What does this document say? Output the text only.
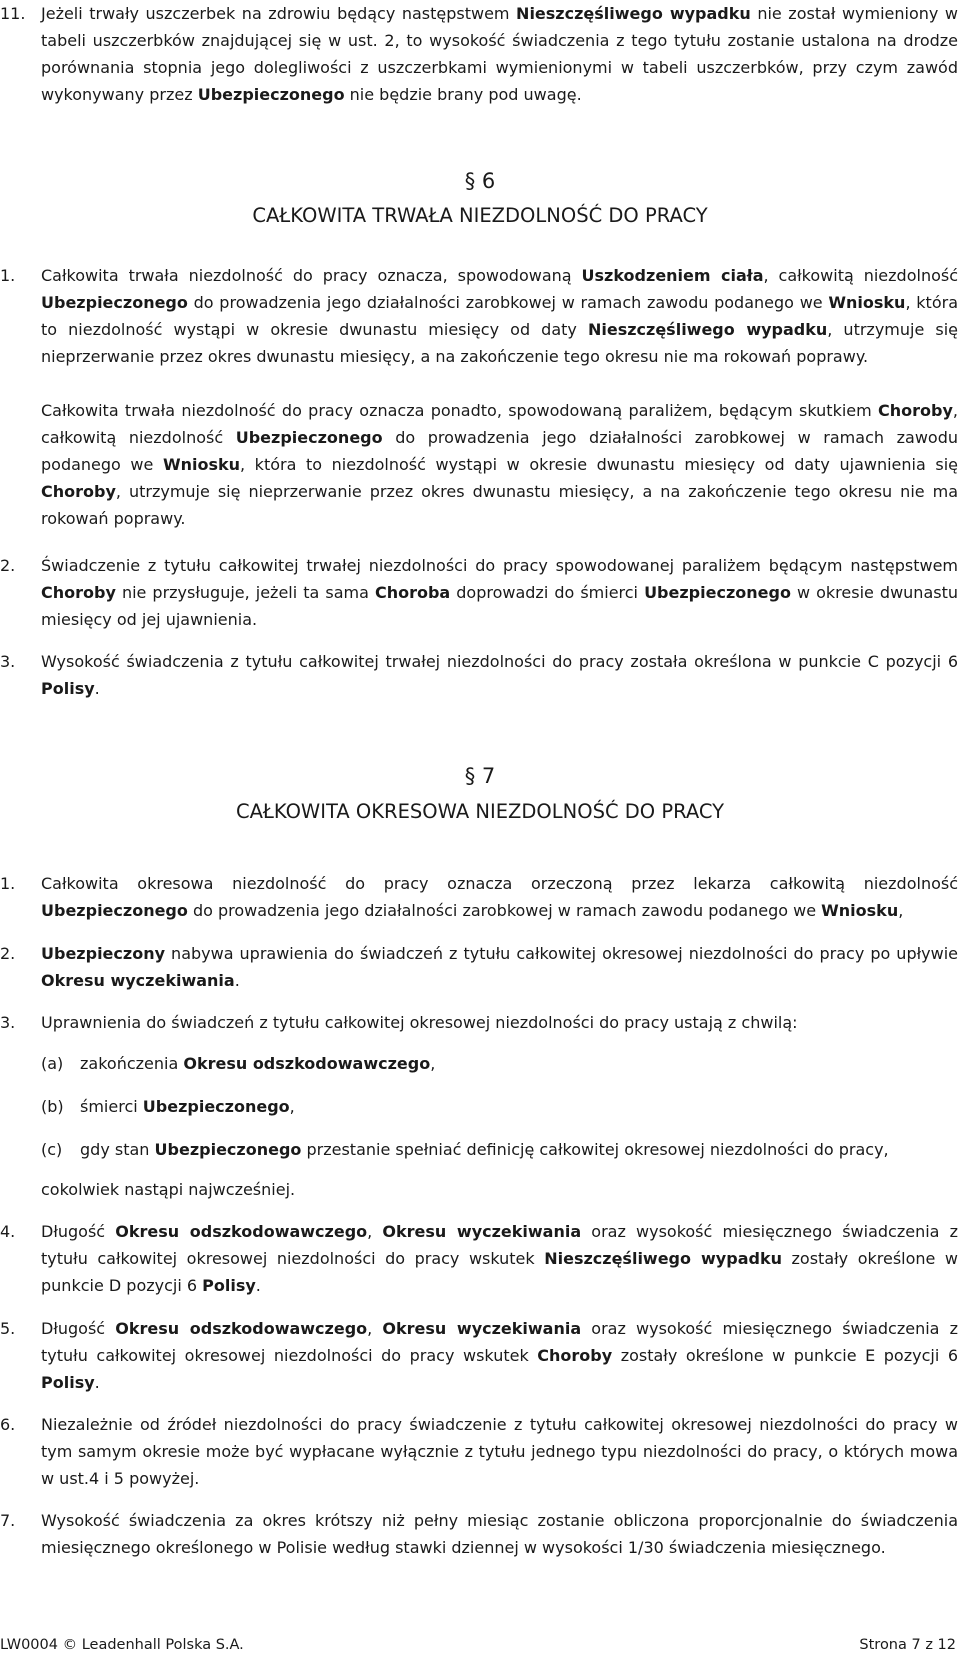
11. Jeżeli trwały uszczerbek na zdrowiu będący następstwem Nieszczęśliwego wypadku nie został wymieniony w tabeli uszczerbków znajdującej się w ust. 2, to wysokość świadczenia z tego tytułu zostanie ustalona na drodze porównania stopnia jego dolegliwości z uszczerbkami wymienionymi w tabeli uszczerbków, przy czym zawód wykonywany przez Ubezpieczonego nie będzie brany pod uwagę.

§ 6

CAŁKOWITA TRWAŁA NIEZDOLNOŚĆ DO PRACY

1.	Całkowita trwała niezdolność do pracy oznacza, spowodowaną Uszkodzeniem ciała, całkowitą niezdolność Ubezpieczonego do prowadzenia jego działalności zarobkowej w ramach zawodu podanego we Wniosku, która to niezdolność wystąpi w okresie dwunastu miesięcy od daty Nieszczęśliwego wypadku, utrzymuje się nieprzerwanie przez okres dwunastu miesięcy, a na zakończenie tego okresu nie ma rokowań poprawy.

Całkowita trwała niezdolność do pracy oznacza ponadto, spowodowaną paraliżem, będącym skutkiem Choroby, całkowitą niezdolność Ubezpieczonego do prowadzenia jego działalności zarobkowej w ramach zawodu podanego we Wniosku, która to niezdolność wystąpi w okresie dwunastu miesięcy od daty ujawnienia się Choroby, utrzymuje się nieprzerwanie przez okres dwunastu miesięcy, a na zakończenie tego okresu nie ma rokowań poprawy.

2.	Świadczenie z tytułu całkowitej trwałej niezdolności do pracy spowodowanej paraliżem będącym następstwem Choroby nie przysługuje, jeżeli ta sama Choroba doprowadzi do śmierci Ubezpieczonego w okresie dwunastu miesięcy od jej ujawnienia.

3.	Wysokość świadczenia z tytułu całkowitej trwałej niezdolności do pracy została określona w punkcie C pozycji 6 Polisy.

§ 7

CAŁKOWITA OKRESOWA NIEZDOLNOŚĆ DO PRACY

1.	Całkowita okresowa niezdolność do pracy oznacza orzeczoną przez lekarza całkowitą niezdolność Ubezpieczonego do prowadzenia jego działalności zarobkowej w ramach zawodu podanego we Wniosku,

2.	Ubezpieczony nabywa uprawienia do świadczeń z tytułu całkowitej okresowej niezdolności do pracy po upływie Okresu wyczekiwania.

3.	Uprawnienia do świadczeń z tytułu całkowitej okresowej niezdolności do pracy ustają z chwilą:

(a) zakończenia Okresu odszkodowawczego,

(b) śmierci Ubezpieczonego,

(c) gdy stan Ubezpieczonego przestanie spełniać definicję całkowitej okresowej niezdolności do pracy,

cokolwiek nastąpi najwcześniej.

4.	Długość Okresu odszkodowawczego, Okresu wyczekiwania oraz wysokość miesięcznego świadczenia z tytułu całkowitej okresowej niezdolności do pracy wskutek Nieszczęśliwego wypadku zostały określone w punkcie D pozycji 6 Polisy.

5.	Długość Okresu odszkodowawczego, Okresu wyczekiwania oraz wysokość miesięcznego świadczenia z tytułu całkowitej okresowej niezdolności do pracy wskutek Choroby zostały określone w punkcie E pozycji 6 Polisy.

6.	Niezależnie od źródeł niezdolności do pracy świadczenie z tytułu całkowitej okresowej niezdolności do pracy w tym samym okresie może być wypłacane wyłącznie z tytułu jednego typu niezdolności do pracy, o których mowa w ust.4 i 5 powyżej.

7.	Wysokość świadczenia za okres krótszy niż pełny miesiąc zostanie obliczona proporcjonalnie do świadczenia miesięcznego określonego w Polisie według stawki dziennej w wysokości 1/30 świadczenia miesięcznego.

LW0004 © Leadenhall Polska S.A.	Strona 7 z 12
